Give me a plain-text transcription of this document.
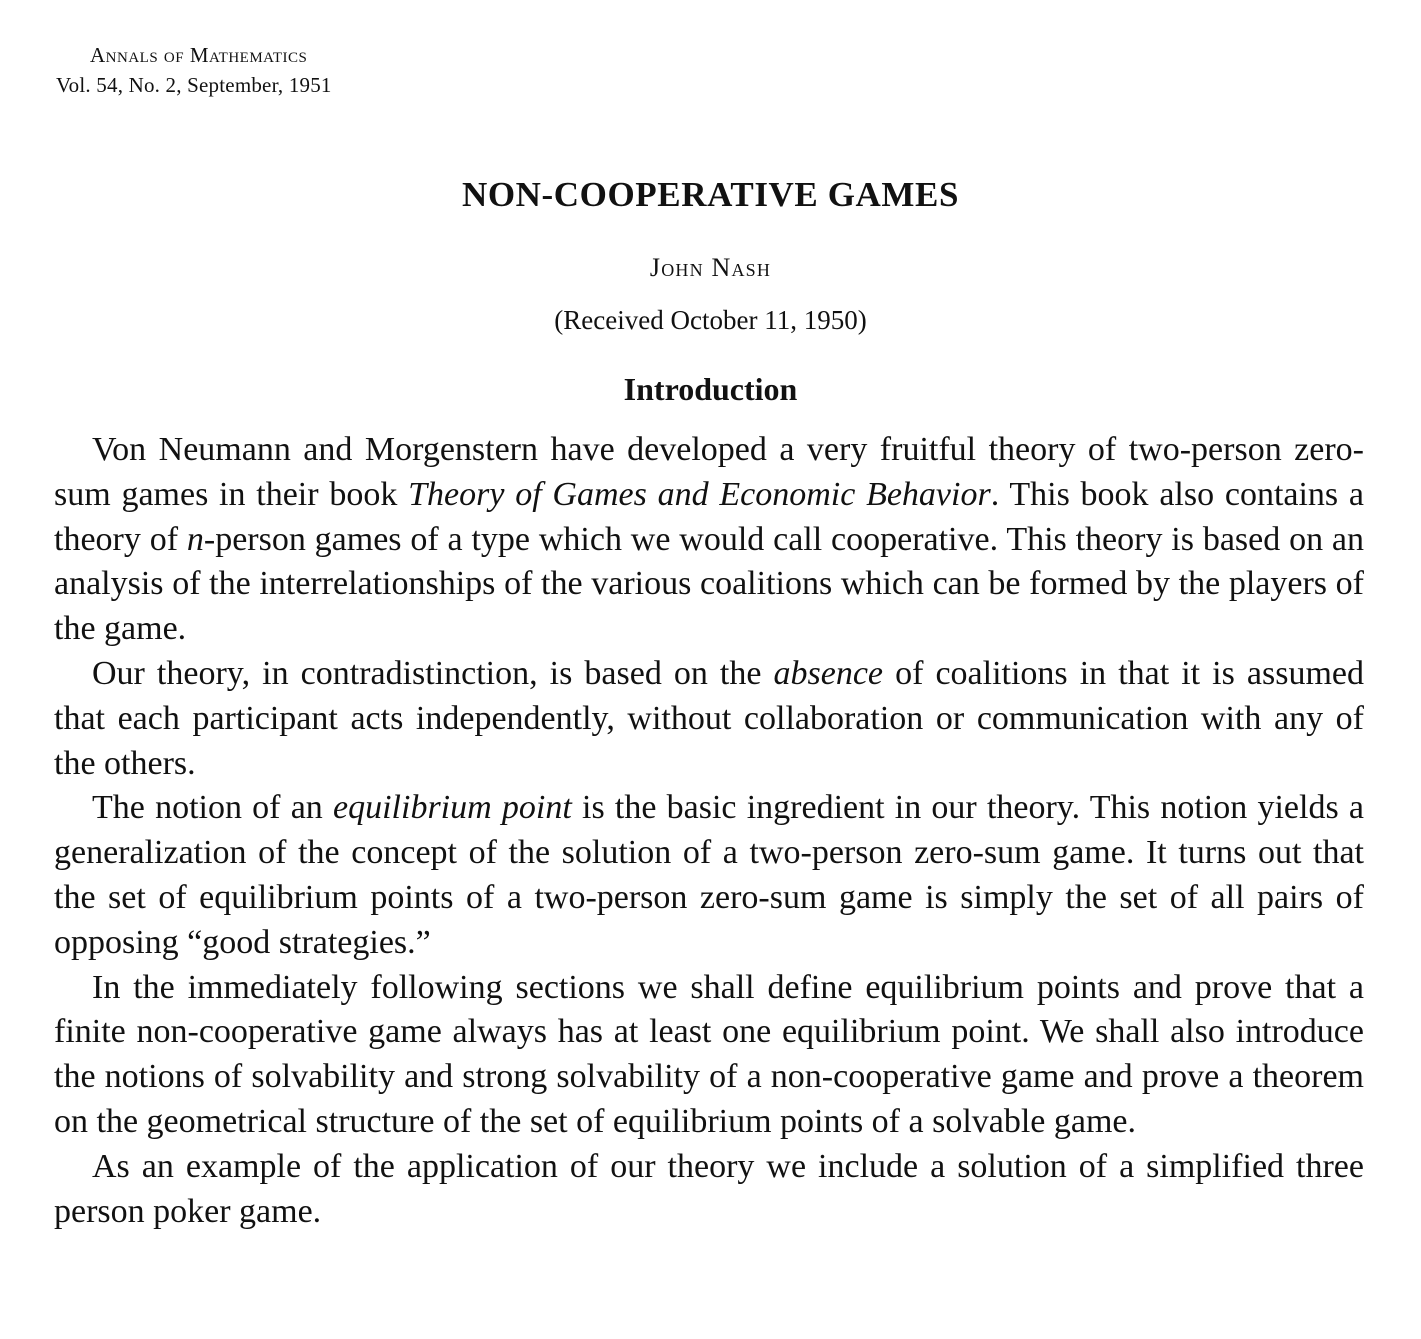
Annals of Mathematics
Vol. 54, No. 2, September, 1951
NON-COOPERATIVE GAMES
John Nash
(Received October 11, 1950)
Introduction

Von Neumann and Morgenstern have developed a very fruitful theory of two-person zero-sum games in their book Theory of Games and Economic Behavior. This book also contains a theory of n-person games of a type which we would call cooperative. This theory is based on an analysis of the interrelationships of the various coalitions which can be formed by the players of the game.

Our theory, in contradistinction, is based on the absence of coalitions in that it is assumed that each participant acts independently, without collaboration or communication with any of the others.

The notion of an equilibrium point is the basic ingredient in our theory. This notion yields a generalization of the concept of the solution of a two-person zero-sum game. It turns out that the set of equilibrium points of a two-person zero-sum game is simply the set of all pairs of opposing “good strategies.”

In the immediately following sections we shall define equilibrium points and prove that a finite non-cooperative game always has at least one equilibrium point. We shall also introduce the notions of solvability and strong solvability of a non-cooperative game and prove a theorem on the geometrical structure of the set of equilibrium points of a solvable game.

As an example of the application of our theory we include a solution of a simplified three person poker game.
